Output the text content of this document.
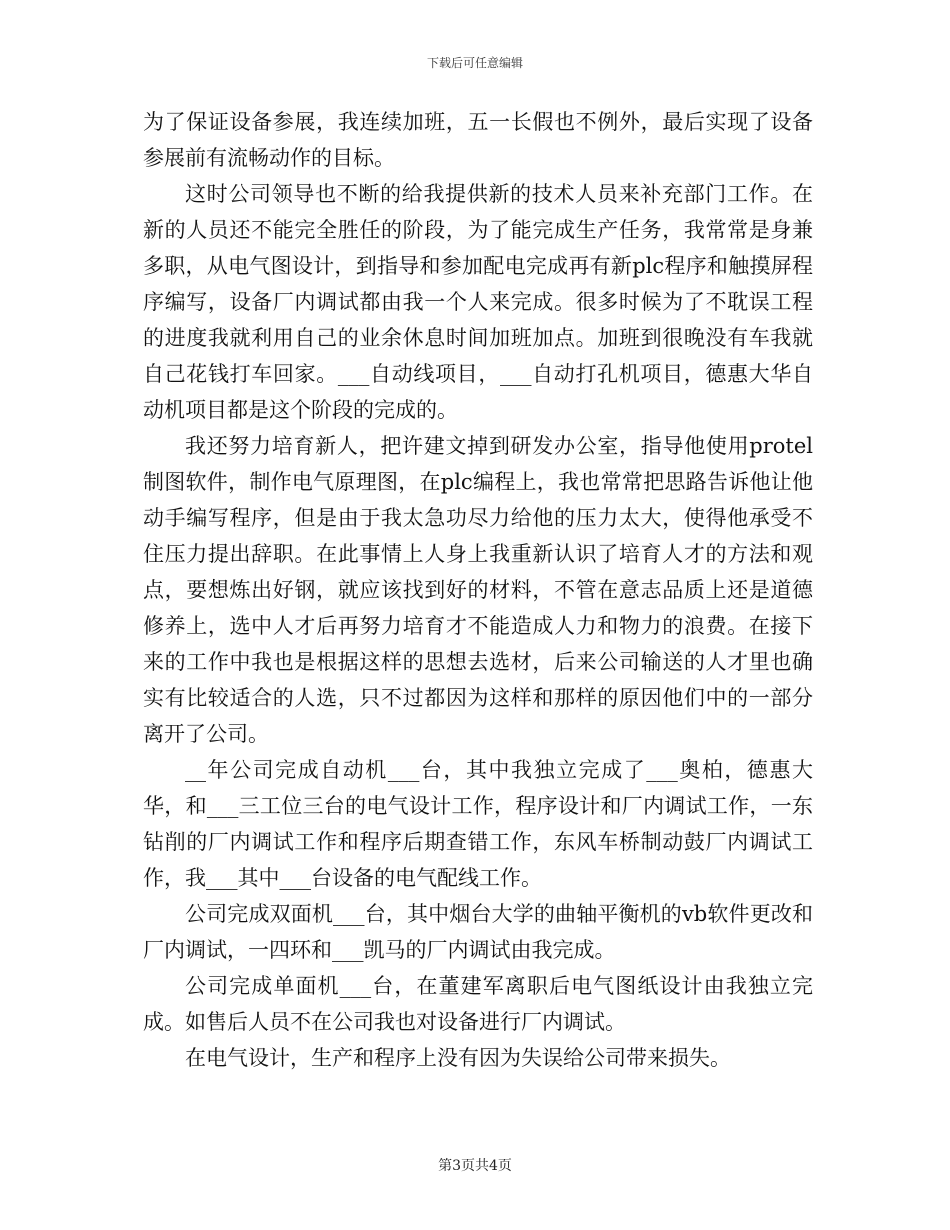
下载后可任意编辑

为了保证设备参展，我连续加班，五一长假也不例外，最后实现了设备参展前有流畅动作的目标。

这时公司领导也不断的给我提供新的技术人员来补充部门工作。在新的人员还不能完全胜任的阶段，为了能完成生产任务，我常常是身兼多职，从电气图设计，到指导和参加配电完成再有新plc程序和触摸屏程序编写，设备厂内调试都由我一个人来完成。很多时候为了不耽误工程的进度我就利用自己的业余休息时间加班加点。加班到很晚没有车我就自己花钱打车回家。___自动线项目，___自动打孔机项目，德惠大华自动机项目都是这个阶段的完成的。

我还努力培育新人，把许建文掉到研发办公室，指导他使用protel制图软件，制作电气原理图，在plc编程上，我也常常把思路告诉他让他动手编写程序，但是由于我太急功尽力给他的压力太大，使得他承受不住压力提出辞职。在此事情上人身上我重新认识了培育人才的方法和观点，要想炼出好钢，就应该找到好的材料，不管在意志品质上还是道德修养上，选中人才后再努力培育才不能造成人力和物力的浪费。在接下来的工作中我也是根据这样的思想去选材，后来公司输送的人才里也确实有比较适合的人选，只不过都因为这样和那样的原因他们中的一部分离开了公司。

__年公司完成自动机___台，其中我独立完成了___奥柏，德惠大华，和___三工位三台的电气设计工作，程序设计和厂内调试工作，一东钻削的厂内调试工作和程序后期查错工作，东风车桥制动鼓厂内调试工作，我___其中___台设备的电气配线工作。

公司完成双面机___台，其中烟台大学的曲轴平衡机的vb软件更改和厂内调试，一四环和___凯马的厂内调试由我完成。

公司完成单面机___台，在董建军离职后电气图纸设计由我独立完成。如售后人员不在公司我也对设备进行厂内调试。

在电气设计，生产和程序上没有因为失误给公司带来损失。

第3页共4页
